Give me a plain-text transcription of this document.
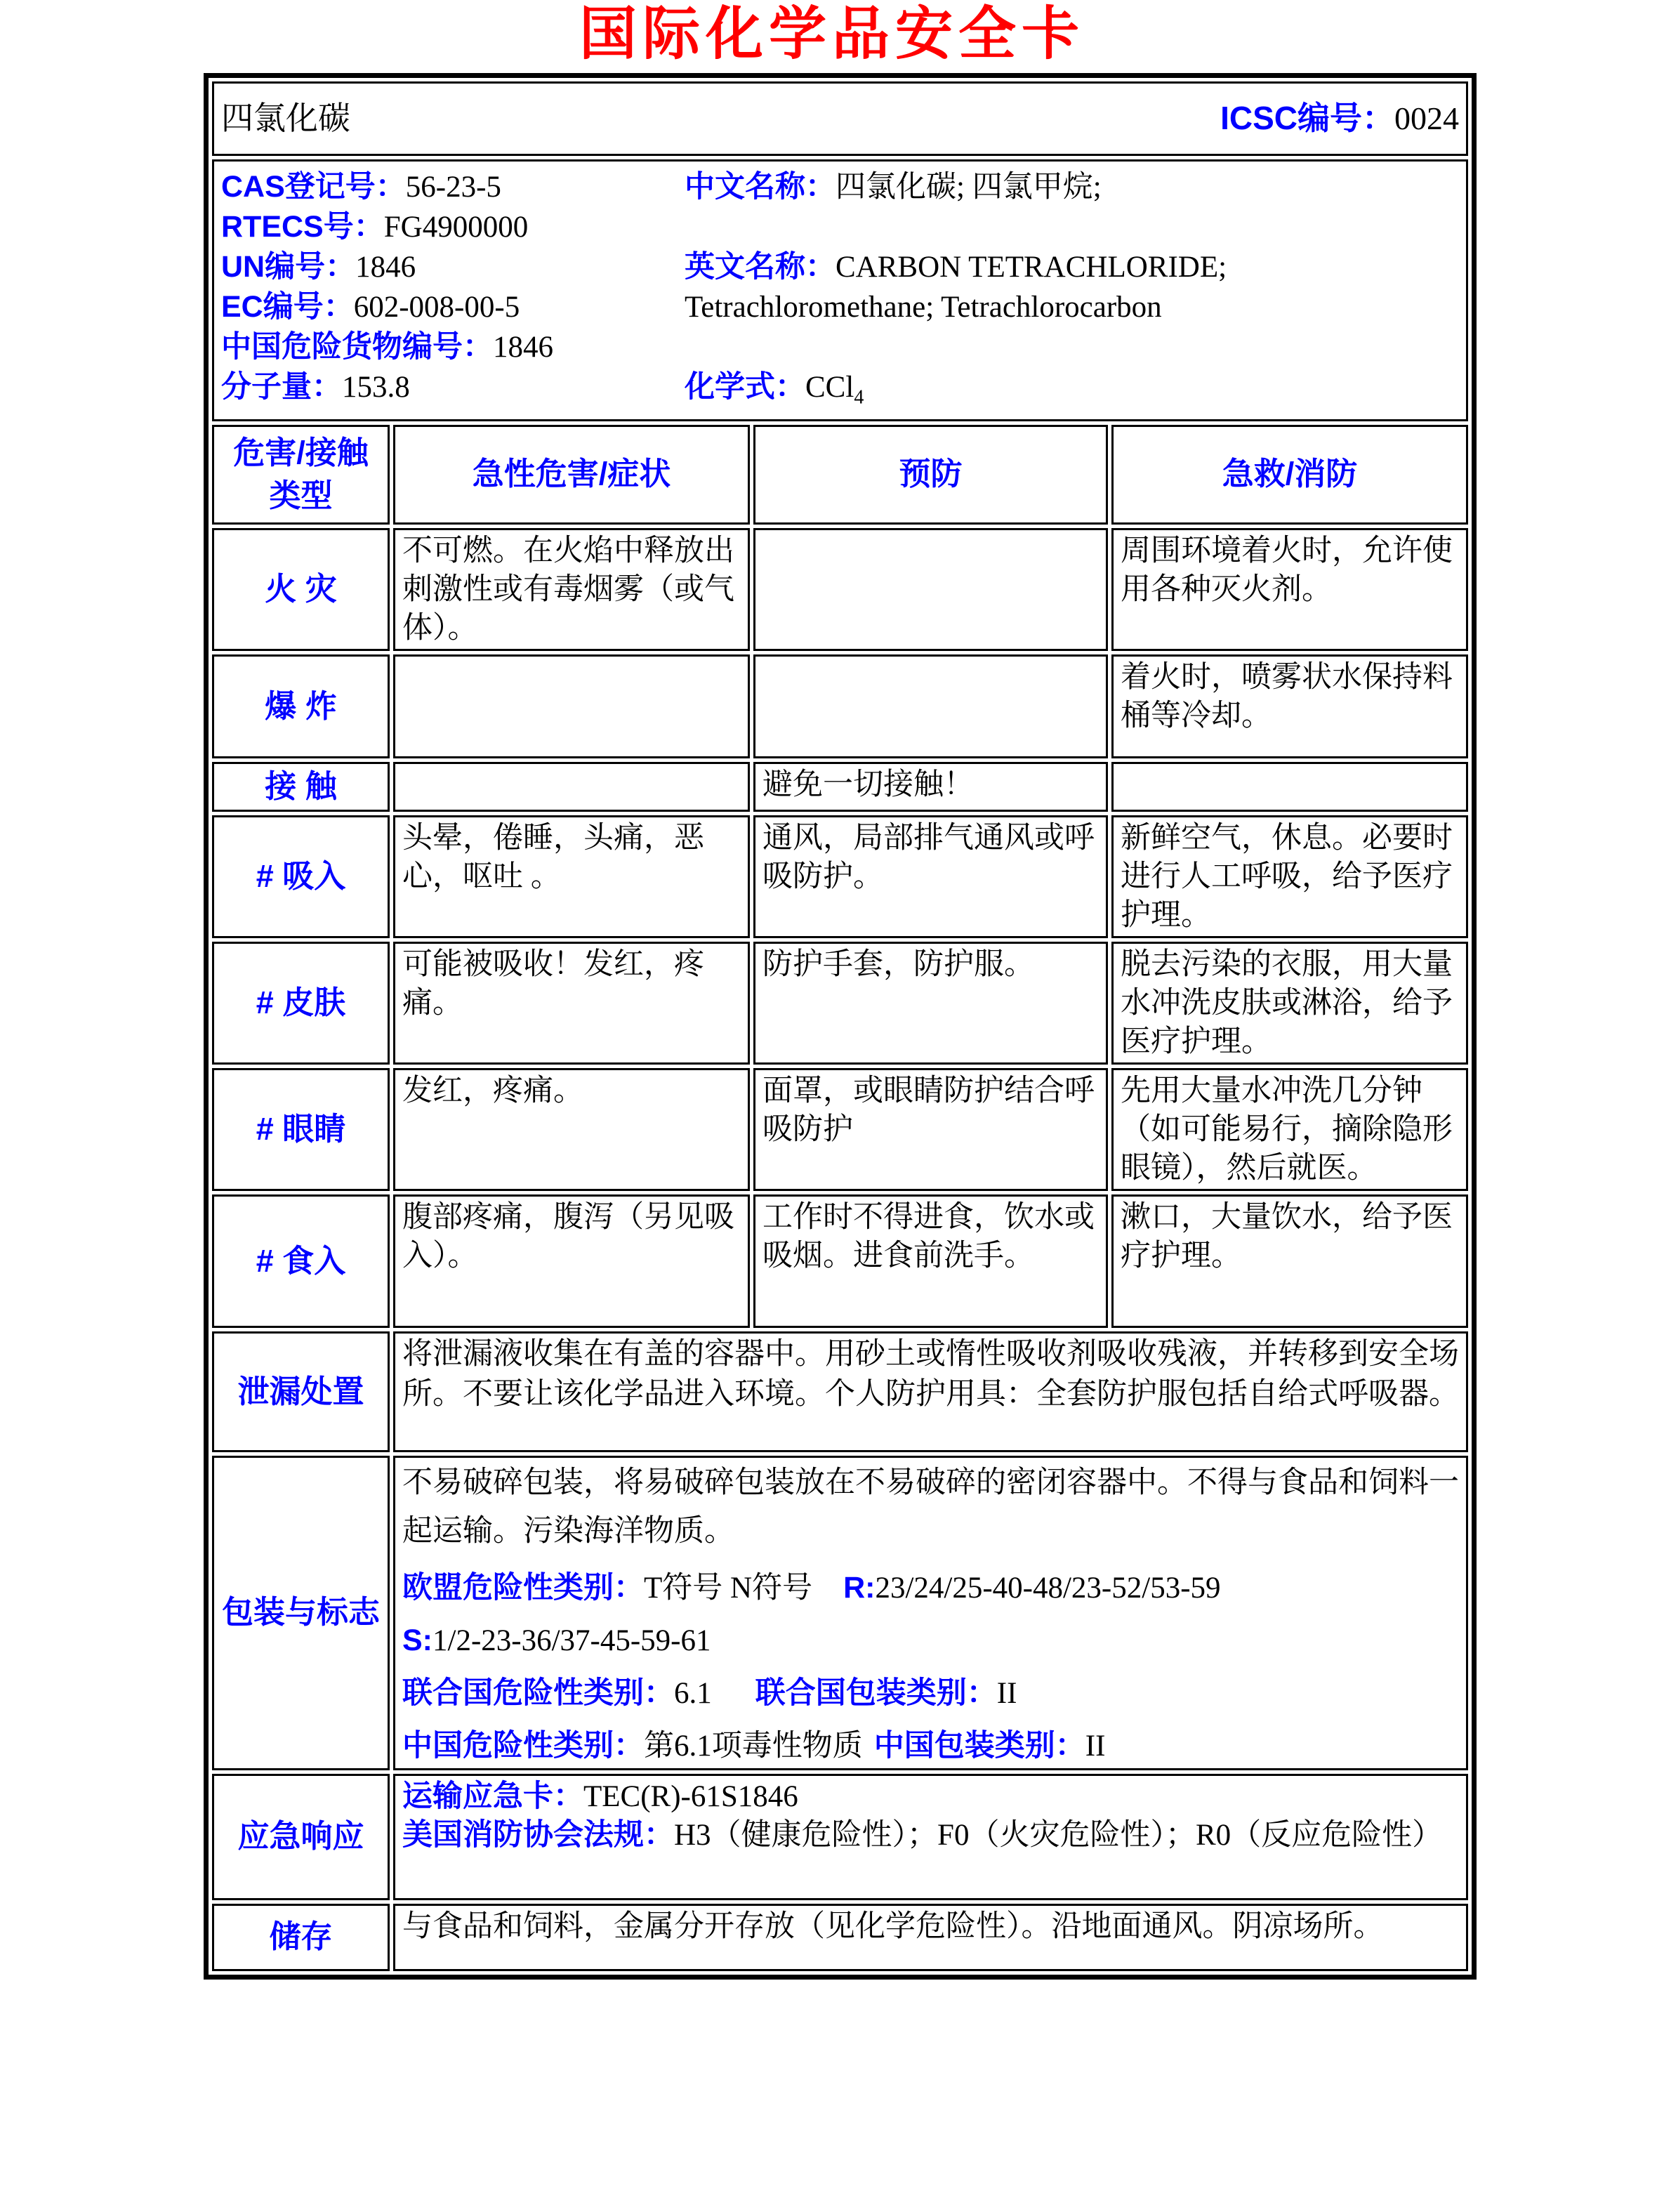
国际化学品安全卡
四氯化碳 ICSC编号：0024			

CAS登记号：56-23-5
RTECS号：FG4900000
UN编号：1846
EC编号：602-008-00-5
中国危险货物编号：1846
分子量：153.8
中文名称：四氯化碳; 四氯甲烷;
英文名称：CARBON TETRACHLORIDE;
Tetrachloromethane; Tetrachlorocarbon
化学式：CCl$_4$

危害/接触
类型	急性危害/症状	预防	急救/消防
火 灾	不可燃。在火焰中释放出刺激性或有毒烟雾（或气体）。		周围环境着火时，允许使用各种灭火剂。
爆 炸			着火时，喷雾状水保持料桶等冷却。
接 触		避免一切接触！	
# 吸入	头晕，倦睡，头痛，恶心，呕吐 。	通风，局部排气通风或呼吸防护。	新鲜空气，休息。必要时进行人工呼吸，给予医疗护理。
# 皮肤	可能被吸收！发红，疼痛。	防护手套，防护服。	脱去污染的衣服，用大量水冲洗皮肤或淋浴，给予医疗护理。
# 眼睛	发红，疼痛。	面罩，或眼睛防护结合呼吸防护	先用大量水冲洗几分钟（如可能易行，摘除隐形眼镜），然后就医。
# 食入	腹部疼痛，腹泻（另见吸入）。	工作时不得进食，饮水或吸烟。进食前洗手。	漱口，大量饮水，给予医疗护理。
泄漏处置	将泄漏液收集在有盖的容器中。用砂土或惰性吸收剂吸收残液，并转移到安全场所。不要让该化学品进入环境。个人防护用具：全套防护服包括自给式呼吸器。		
包装与标志	不易破碎包装，将易破碎包装放在不易破碎的密闭容器中。不得与食品和饲料一起运输。污染海洋物质。

欧盟危险性类别：T符号 N符号 R:23/24/25-40-48/23-52/53-59

S:1/2-23-36/37-45-59-61

联合国危险性类别：6.1 联合国包装类别：II

中国危险性类别：第6.1项毒性物质 中国包装类别：II		

应急响应	运输应急卡：TEC(R)-61S1846
美国消防协会法规：H3（健康危险性）；F0（火灾危险性）；R0（反应危险性）		

储存	与食品和饲料，金属分开存放（见化学危险性）。沿地面通风。阴凉场所。		
